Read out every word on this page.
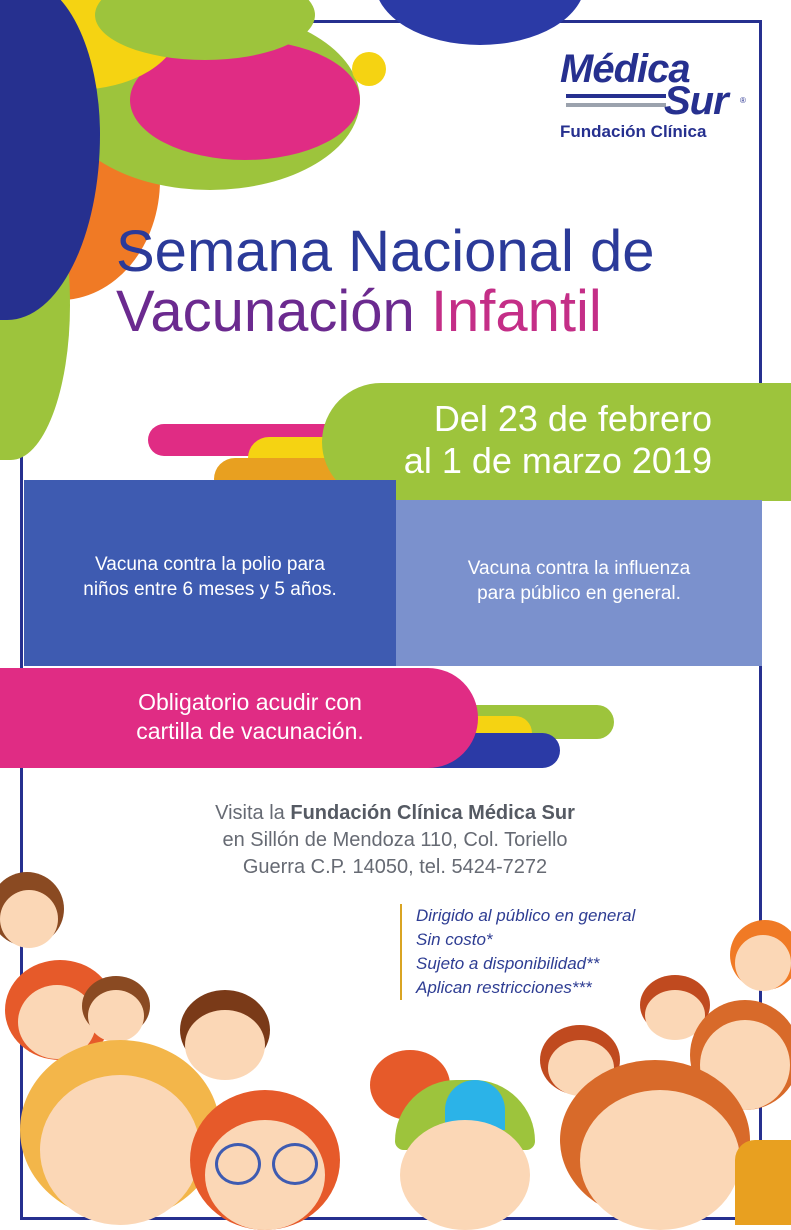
Médica
Sur ®
Fundación Clínica
Semana Nacional de
Vacunación Infantil
Del 23 de febrero
al 1 de marzo 2019
Vacuna contra la polio para
niños entre 6 meses y 5 años.
Vacuna contra la influenza
para público en general.
Obligatorio acudir con
cartilla de vacunación.
Visita la Fundación Clínica Médica Sur
en Sillón de Mendoza 110, Col. Toriello
Guerra C.P. 14050, tel. 5424-7272
Dirigido al público en general
Sin costo*
Sujeto a disponibilidad**
Aplican restricciones***
